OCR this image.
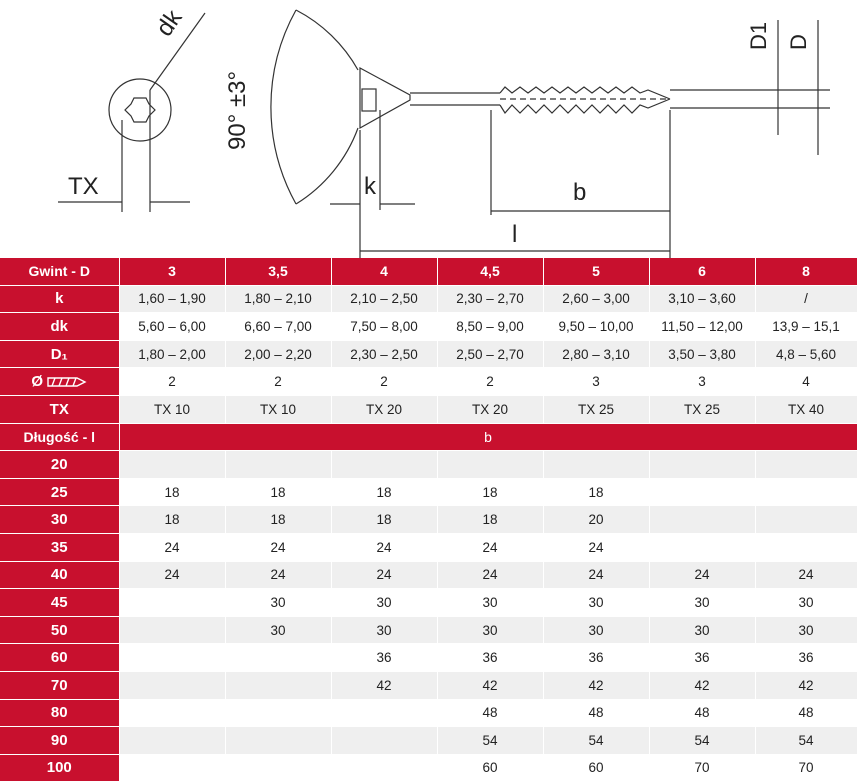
dk
TX
90° ±3°
k	b
l
D1 D
Gwint - D	3	3,5	4	4,5	5	6	8
k	1,60 – 1,90	1,80 – 2,10	2,10 – 2,50	2,30 – 2,70	2,60 – 3,00	3,10 – 3,60	/
dk	5,60 – 6,00	6,60 – 7,00	7,50 – 8,00	8,50 – 9,00	9,50 – 10,00	11,50 – 12,00	13,9 – 15,1
D₁	1,80 – 2,00	2,00 – 2,20	2,30 – 2,50	2,50 – 2,70	2,80 – 3,10	3,50 – 3,80	4,8 – 5,60

Ø	2	2	2	2	3	3	4
TX	TX 10	TX 10	TX 20	TX 20	TX 25	TX 25	TX 40
Długość - l	b						
20							
25	18	18	18	18	18		
30	18	18	18	18	20		
35	24	24	24	24	24		
40	24	24	24	24	24	24	24
45		30	30	30	30	30	30
50		30	30	30	30	30	30
60			36	36	36	36	36
70			42	42	42	42	42
80				48	48	48	48
90				54	54	54	54
100				60	60	70	70
